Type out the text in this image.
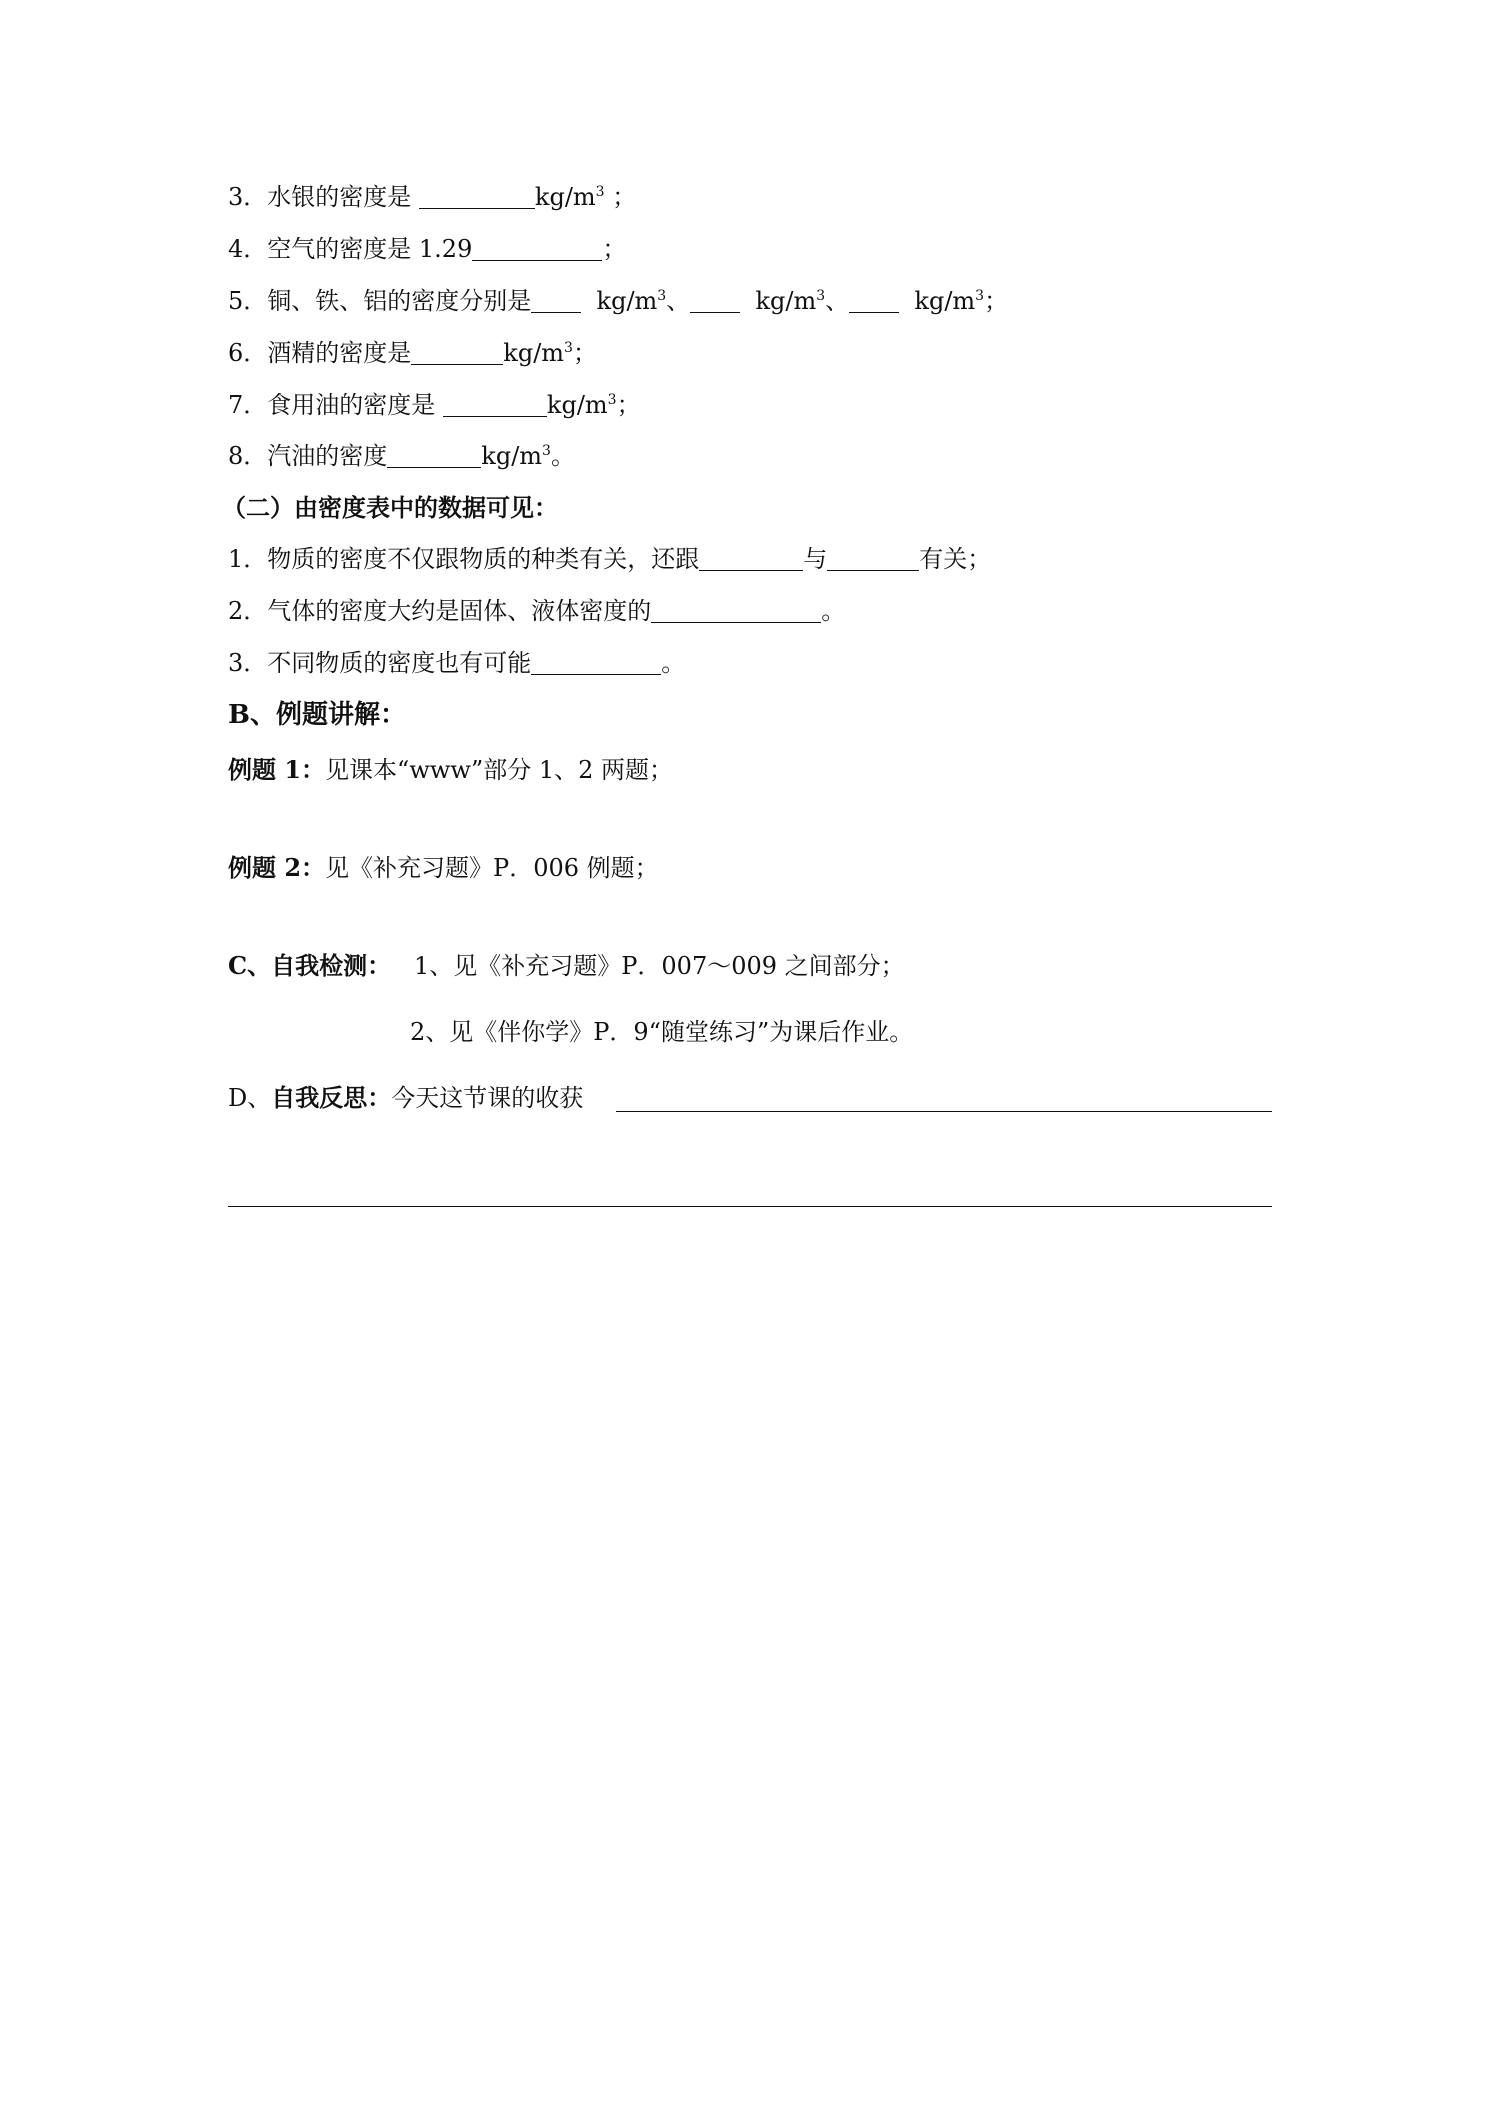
3．水银的密度是	$kg/m^3$ ；
4．空气的密度是 1.29	；
5．铜、铁、铝的密度分别是	$kg/m^3$、	$kg/m^3$、	$kg/m^3$；
6．酒精的密度是	$kg/m^3$；
7．食用油的密度是	$kg/m^3$；
8．汽油的密度	$kg/m^3$。
（二）由密度表中的数据可见：
1．物质的密度不仅跟物质的种类有关，还跟	与	有关；
2．气体的密度大约是固体、液体密度的	。
3．不同物质的密度也有可能	。
B、例题讲解：
例题 1：见课本“www”部分 1、2 两题；
例题 2：见《补充习题》P．006 例题；
C、自我检测： 1、见《补充习题》P．007～009 之间部分；
2、见《伴你学》P．9“随堂练习”为课后作业。
D、自我反思：今天这节课的收获
